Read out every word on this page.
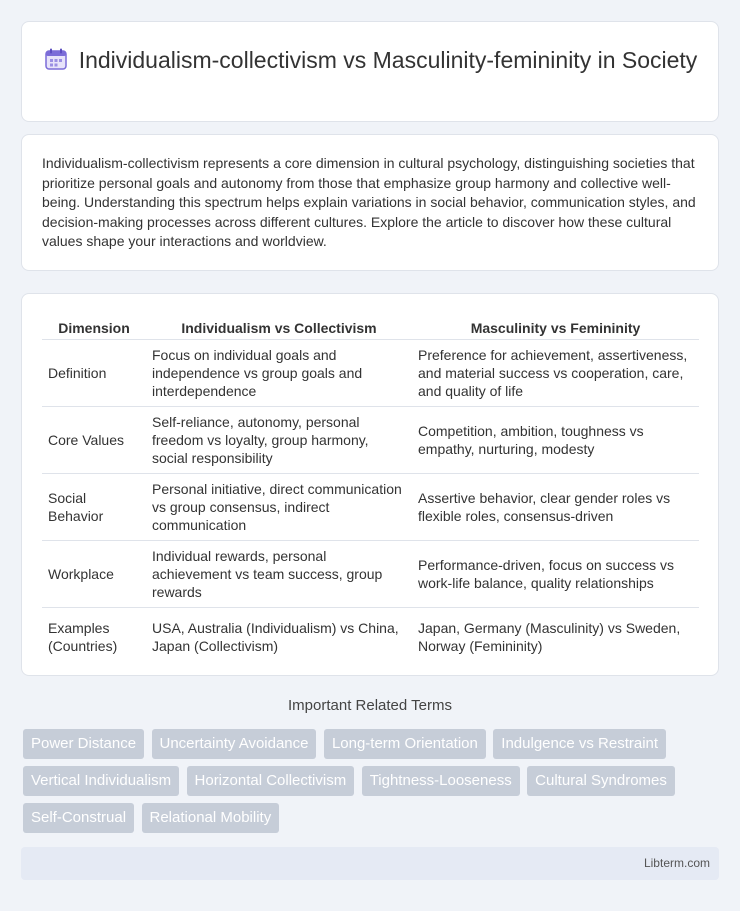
Individualism-collectivism vs Masculinity-femininity in Society

Individualism-collectivism represents a core dimension in cultural psychology, distinguishing societies that prioritize personal goals and autonomy from those that emphasize group harmony and collective well-being. Understanding this spectrum helps explain variations in social behavior, communication styles, and decision-making processes across different cultures. Explore the article to discover how these cultural values shape your interactions and worldview.

Dimension	Individualism vs Collectivism	Masculinity vs Femininity
Definition	Focus on individual goals and independence vs group goals and interdependence	Preference for achievement, assertiveness, and material success vs cooperation, care, and quality of life
Core Values	Self-reliance, autonomy, personal freedom vs loyalty, group harmony, social responsibility	Competition, ambition, toughness vs empathy, nurturing, modesty
Social Behavior	Personal initiative, direct communication vs group consensus, indirect communication	Assertive behavior, clear gender roles vs flexible roles, consensus-driven
Workplace	Individual rewards, personal achievement vs team success, group rewards	Performance-driven, focus on success vs work-life balance, quality relationships
Examples (Countries)	USA, Australia (Individualism) vs China, Japan (Collectivism)	Japan, Germany (Masculinity) vs Sweden, Norway (Femininity)
Important Related Terms
Power Distance Uncertainty Avoidance Long-term Orientation Indulgence vs Restraint Vertical Individualism Horizontal Collectivism Tightness-Looseness Cultural Syndromes Self-Construal Relational Mobility
Libterm.com
